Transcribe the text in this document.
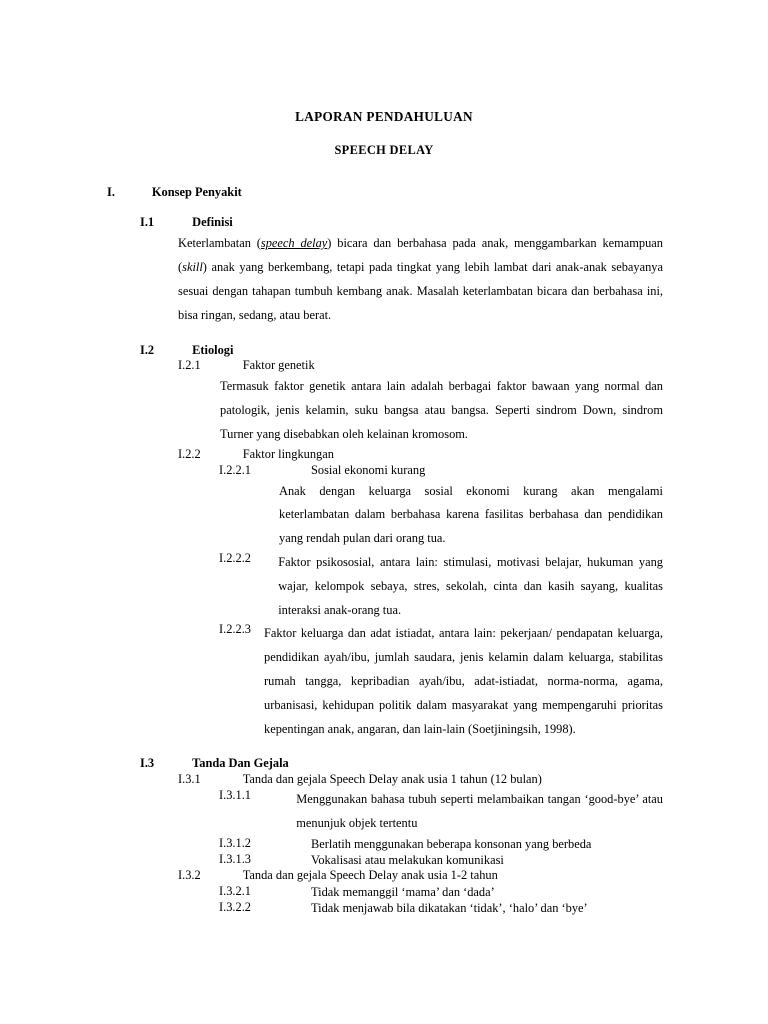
LAPORAN PENDAHULUAN
SPEECH DELAY
I.	Konsep Penyakit
I.1	Definisi

Keterlambatan (speech delay) bicara dan berbahasa pada anak, menggambarkan kemampuan (skill) anak yang berkembang, tetapi pada tingkat yang lebih lambat dari anak-anak sebayanya sesuai dengan tahapan tumbuh kembang anak. Masalah keterlambatan bicara dan berbahasa ini, bisa ringan, sedang, atau berat.

I.2	Etiologi
I.2.1	Faktor genetik

Termasuk faktor genetik antara lain adalah berbagai faktor bawaan yang normal dan patologik, jenis kelamin, suku bangsa atau bangsa. Seperti sindrom Down, sindrom Turner yang disebabkan oleh kelainan kromosom.

I.2.2	Faktor lingkungan
I.2.2.1	Sosial ekonomi kurang

Anak dengan keluarga sosial ekonomi kurang akan mengalami keterlambatan dalam berbahasa karena fasilitas berbahasa dan pendidikan yang rendah pulan dari orang tua.

I.2.2.2 Faktor psikososial, antara lain: stimulasi, motivasi belajar, hukuman yang wajar, kelompok sebaya, stres, sekolah, cinta dan kasih sayang, kualitas interaksi anak-orang tua.

I.2.2.3 Faktor keluarga dan adat istiadat, antara lain: pekerjaan/ pendapatan keluarga, pendidikan ayah/ibu, jumlah saudara, jenis kelamin dalam keluarga, stabilitas rumah tangga, kepribadian ayah/ibu, adat-istiadat, norma-norma, agama, urbanisasi, kehidupan politik dalam masyarakat yang mempengaruhi prioritas kepentingan anak, angaran, dan lain-lain (Soetjiningsih, 1998).

I.3	Tanda Dan Gejala
I.3.1	Tanda dan gejala Speech Delay anak usia 1 tahun (12 bulan)
I.3.1.1	Menggunakan bahasa tubuh seperti melambaikan tangan ‘good-bye’ atau menunjuk objek tertentu

I.3.1.2	Berlatih menggunakan beberapa konsonan yang berbeda
I.3.1.3	Vokalisasi atau melakukan komunikasi
I.3.2	Tanda dan gejala Speech Delay anak usia 1-2 tahun
I.3.2.1	Tidak memanggil ‘mama’ dan ‘dada’
I.3.2.2	Tidak menjawab bila dikatakan ‘tidak’, ‘halo’ dan ‘bye’
